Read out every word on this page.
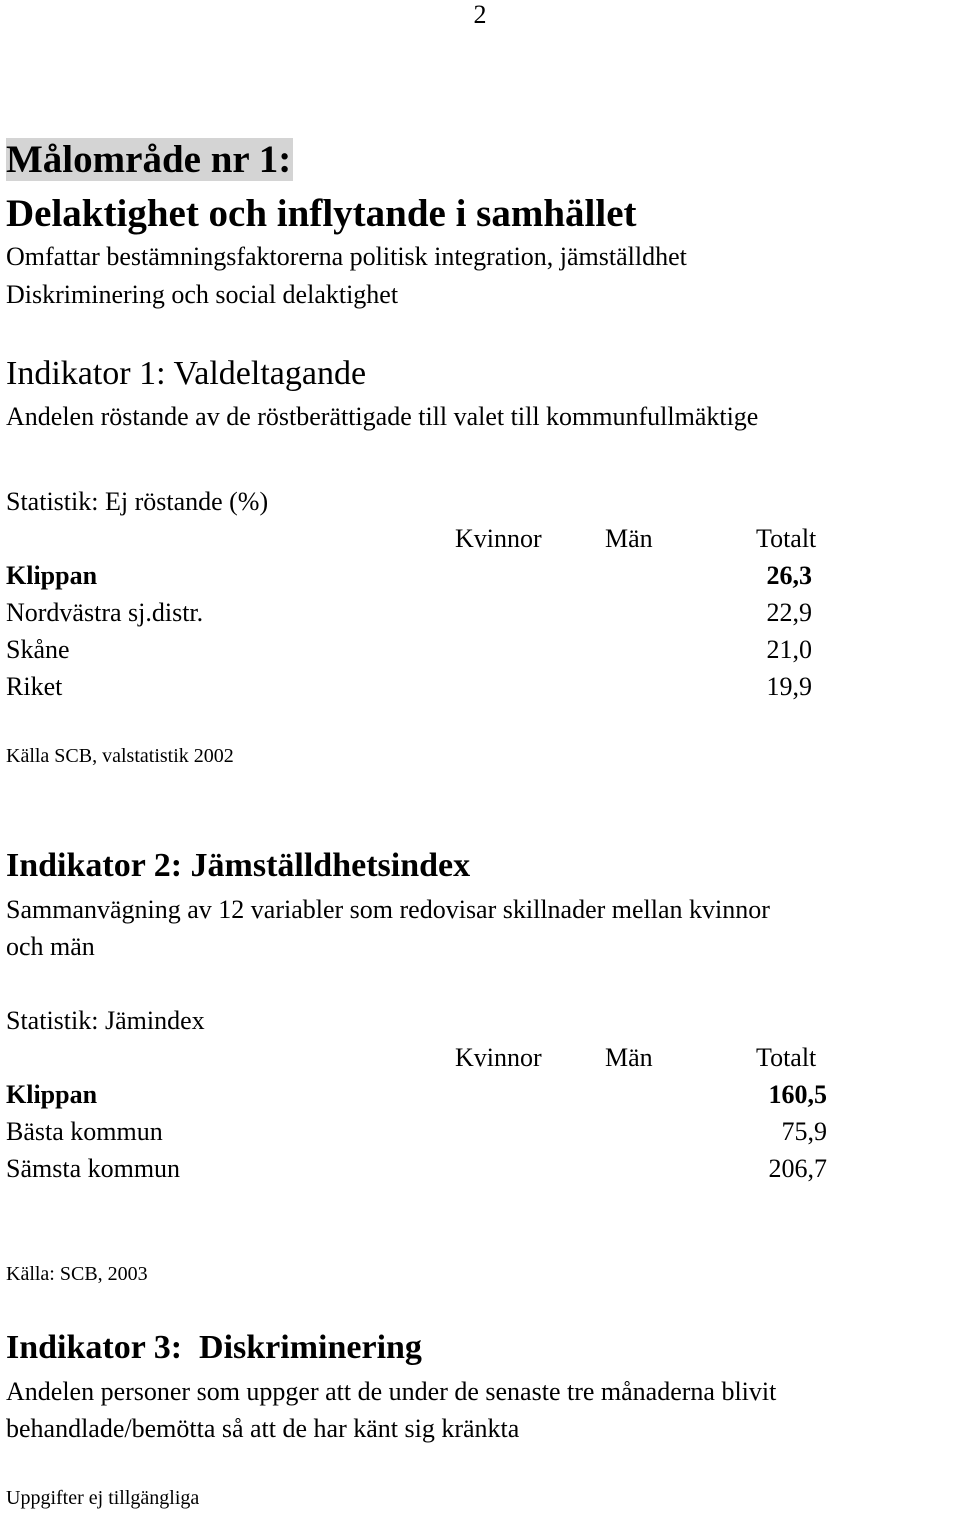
2
Målområde nr 1:
Delaktighet och inflytande i samhället
Omfattar bestämningsfaktorerna politisk integration, jämställdhet
Diskriminering och social delaktighet
Indikator 1: Valdeltagande
Andelen röstande av de röstberättigade till valet till kommunfullmäktige
Statistik: Ej röstande (%)
Kvinnor Män	Totalt
Klippan	26,3
Nordvästra sj.distr.	22,9
Skåne	21,0
Riket	19,9
Källa SCB, valstatistik 2002
Indikator 2: Jämställdhetsindex
Sammanvägning av 12 variabler som redovisar skillnader mellan kvinnor
och män
Statistik: Jämindex
Kvinnor Män	Totalt
Klippan	160,5
Bästa kommun	75,9
Sämsta kommun	206,7
Källa: SCB, 2003
Indikator 3:  Diskriminering
Andelen personer som uppger att de under de senaste tre månaderna blivit
behandlade/bemötta så att de har känt sig kränkta
Uppgifter ej tillgängliga
